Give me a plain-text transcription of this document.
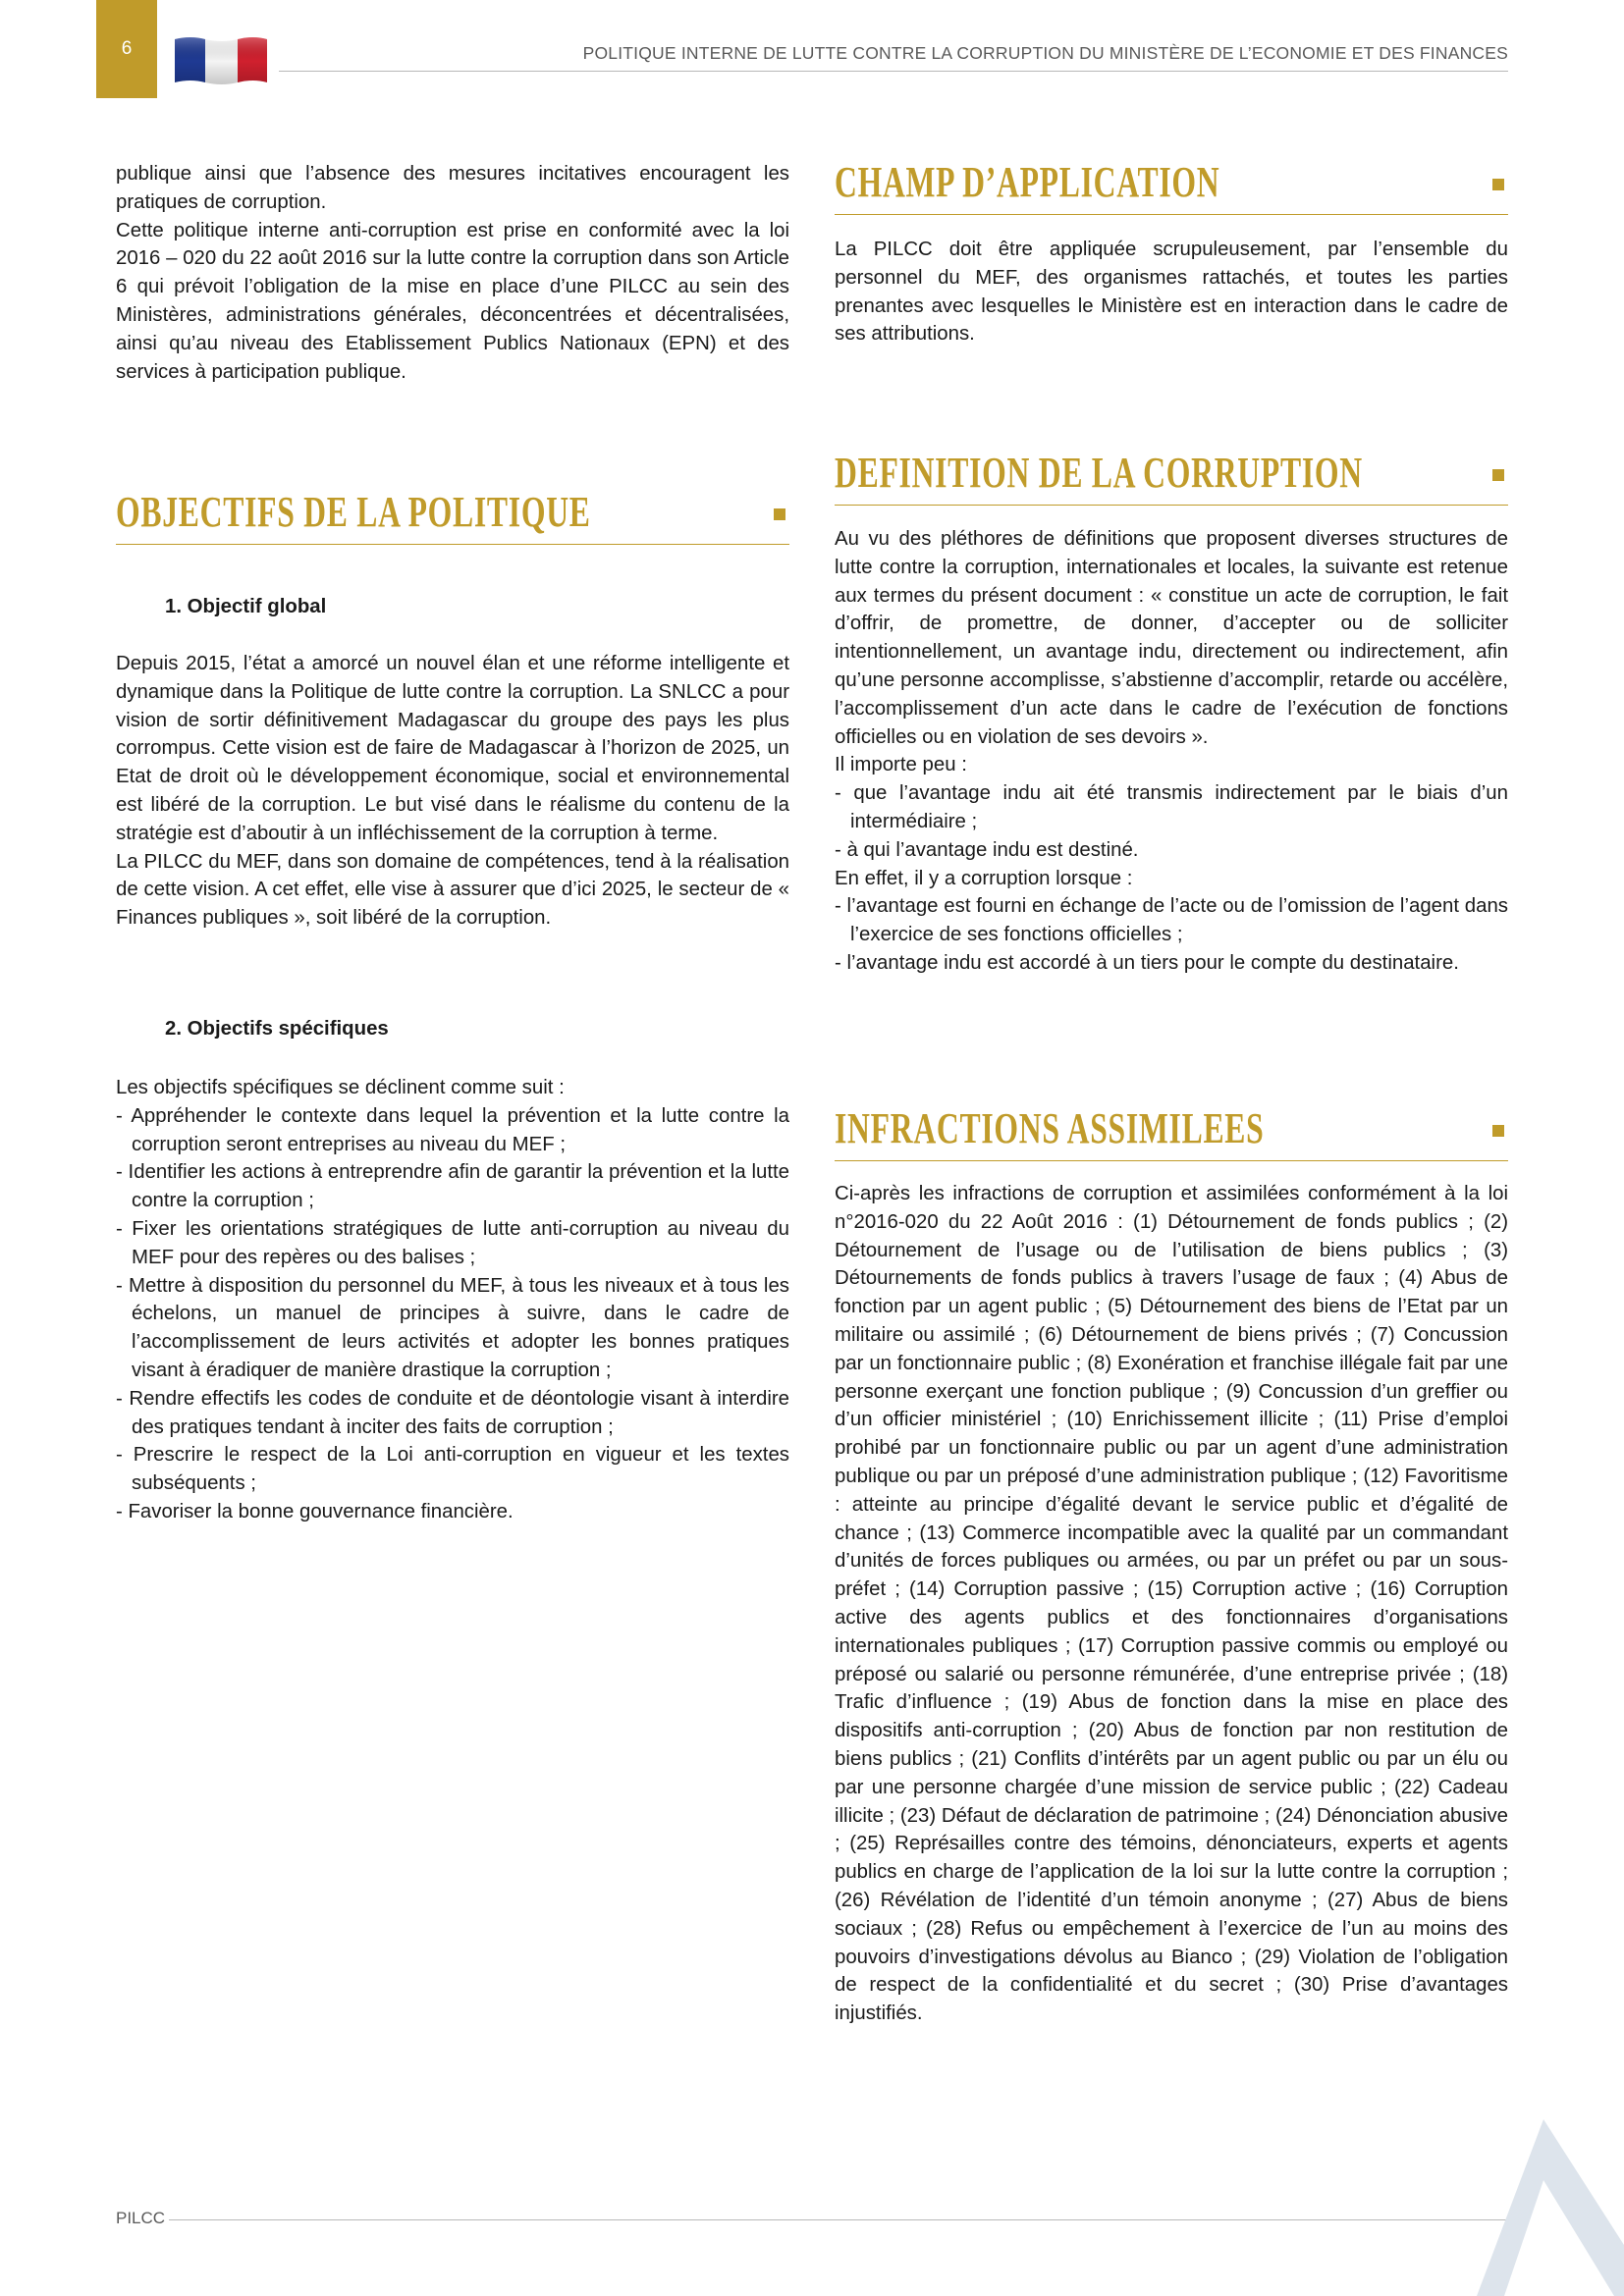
6	POLITIQUE INTERNE DE LUTTE CONTRE LA CORRUPTION DU MINISTÈRE DE L’ECONOMIE ET DES FINANCES

publique ainsi que l’absence des mesures incitatives encouragent les pratiques de corruption.

Cette politique interne anti-corruption est prise en conformité avec la loi 2016 – 020 du 22 août 2016 sur la lutte contre la corruption dans son Article 6 qui prévoit l’obligation de la mise en place d’une PILCC au sein des Ministères, administrations générales, déconcentrées et décentralisées, ainsi qu’au niveau des Etablissement Publics Nationaux (EPN) et des services à participation publique.

OBJECTIFS DE LA POLITIQUE
1. Objectif global

Depuis 2015, l’état a amorcé un nouvel élan et une réforme intelligente et dynamique dans la Politique de lutte contre la corruption. La SNLCC a pour vision de sortir définitivement Madagascar du groupe des pays les plus corrompus. Cette vision est de faire de Madagascar à l’horizon de 2025, un Etat de droit où le développement économique, social et environnemental est libéré de la corruption. Le but visé dans le réalisme du contenu de la stratégie est d’aboutir à un infléchissement de la corruption à terme.

La PILCC du MEF, dans son domaine de compétences, tend à la réalisation de cette vision. A cet effet, elle vise à assurer que d’ici 2025, le secteur de « Finances publiques », soit libéré de la corruption.

2. Objectifs spécifiques

Les objectifs spécifiques se déclinent comme suit :

- Appréhender le contexte dans lequel la prévention et la lutte contre la corruption seront entreprises au niveau du MEF ;

- Identifier les actions à entreprendre afin de garantir la prévention et la lutte contre la corruption ;

- Fixer les orientations stratégiques de lutte anti-corruption au niveau du MEF pour des repères ou des balises ;

- Mettre à disposition du personnel du MEF, à tous les niveaux et à tous les échelons, un manuel de principes à suivre, dans le cadre de l’accomplissement de leurs activités et adopter les bonnes pratiques visant à éradiquer de manière drastique la corruption ;

- Rendre effectifs les codes de conduite et de déontologie visant à interdire des pratiques tendant à inciter des faits de corruption ;

- Prescrire le respect de la Loi anti-corruption en vigueur et les textes subséquents ;

- Favoriser la bonne gouvernance financière.

CHAMP D’APPLICATION

La PILCC doit être appliquée scrupuleusement, par l’ensemble du personnel du MEF, des organismes rattachés, et toutes les parties prenantes avec lesquelles le Ministère est en interaction dans le cadre de ses attributions.

DEFINITION DE LA CORRUPTION

Au vu des pléthores de définitions que proposent diverses structures de lutte contre la corruption, internationales et locales, la suivante est retenue aux termes du présent document : « constitue un acte de corruption, le fait d’offrir, de promettre, de donner, d’accepter ou de solliciter intentionnellement, un avantage indu, directement ou indirectement, afin qu’une personne accomplisse, s’abstienne d’accomplir, retarde ou accélère, l’accomplissement d’un acte dans le cadre de l’exécution de fonctions officielles ou en violation de ses devoirs ».

Il importe peu :

- que l’avantage indu ait été transmis indirectement par le biais d’un intermédiaire ;

- à qui l’avantage indu est destiné.

En effet, il y a corruption lorsque :

- l’avantage est fourni en échange de l’acte ou de l’omission de l’agent dans l’exercice de ses fonctions officielles ;

- l’avantage indu est accordé à un tiers pour le compte du destinataire.

INFRACTIONS ASSIMILEES

Ci-après les infractions de corruption et assimilées conformément à la loi n°2016-020 du 22 Août 2016 : (1) Détournement de fonds publics ; (2) Détournement de l’usage ou de l’utilisation de biens publics ; (3) Détournements de fonds publics à travers l’usage de faux ; (4) Abus de fonction par un agent public ; (5) Détournement des biens de l’Etat par un militaire ou assimilé ; (6) Détournement de biens privés ; (7) Concussion par un fonctionnaire public ; (8) Exonération et franchise illégale fait par une personne exerçant une fonction publique ; (9) Concussion d’un greffier ou d’un officier ministériel ; (10) Enrichissement illicite ; (11) Prise d’emploi prohibé par un fonctionnaire public ou par un agent d’une administration publique ou par un préposé d’une administration publique ; (12) Favoritisme : atteinte au principe d’égalité devant le service public et d’égalité de chance ; (13) Commerce incompatible avec la qualité par un commandant d’unités de forces publiques ou armées, ou par un préfet ou par un sous-préfet ; (14) Corruption passive ; (15) Corruption active ; (16) Corruption active des agents publics et des fonctionnaires d’organisations internationales publiques ; (17) Corruption passive commis ou employé ou préposé ou salarié ou personne rémunérée, d’une entreprise privée ; (18) Trafic d’influence ; (19) Abus de fonction dans la mise en place des dispositifs anti-corruption ; (20) Abus de fonction par non restitution de biens publics ; (21) Conflits d’intérêts par un agent public ou par un élu ou par une personne chargée d’une mission de service public ; (22) Cadeau illicite ; (23) Défaut de déclaration de patrimoine ; (24) Dénonciation abusive ; (25) Représailles contre des témoins, dénonciateurs, experts et agents publics en charge de l’application de la loi sur la lutte contre la corruption ; (26) Révélation de l’identité d’un témoin anonyme ; (27) Abus de biens sociaux ; (28) Refus ou empêchement à l’exercice de l’un au moins des pouvoirs d’investigations dévolus au Bianco ; (29) Violation de l’obligation de respect de la confidentialité et du secret ; (30) Prise d’avantages injustifiés.

PILCC
